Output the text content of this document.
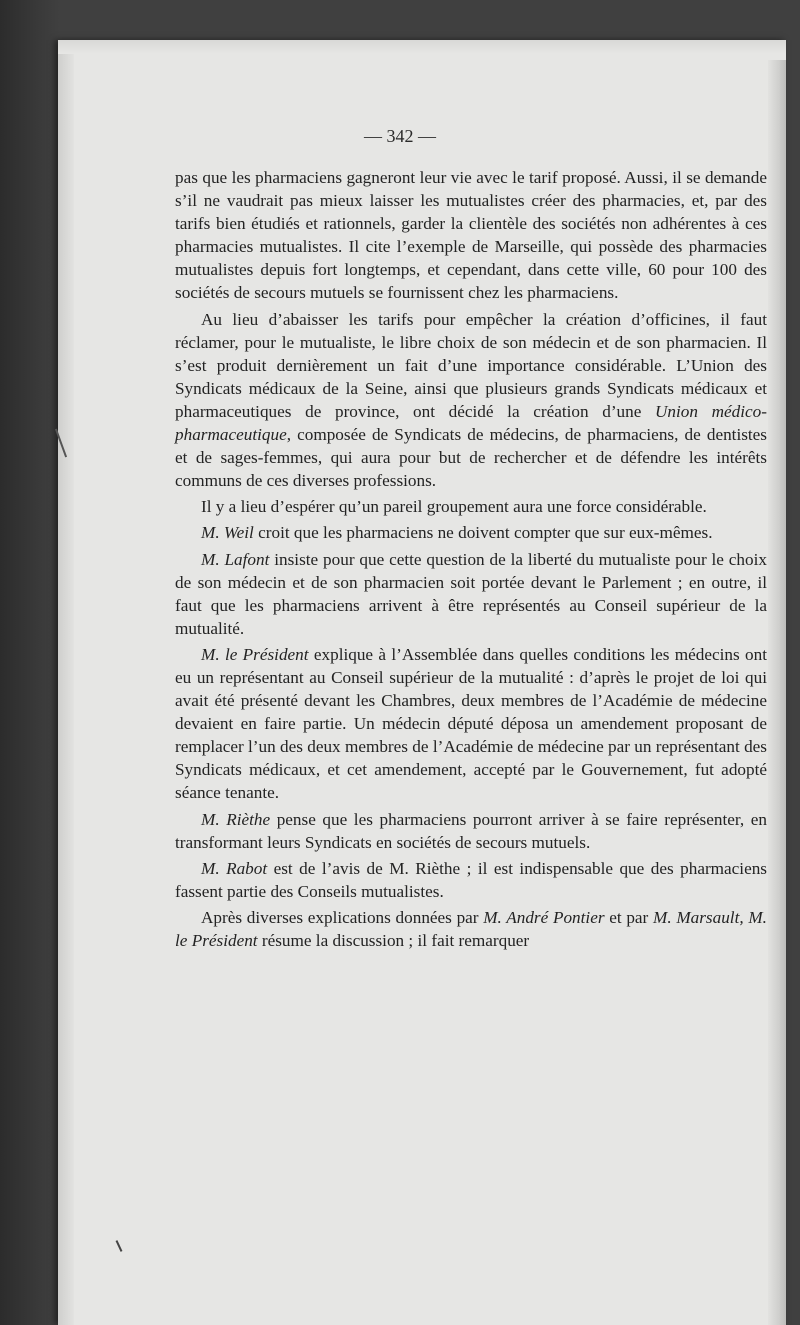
— 342 —

pas que les pharmaciens gagneront leur vie avec le tarif proposé. Aussi, il se demande s’il ne vaudrait pas mieux laisser les mutualistes créer des pharmacies, et, par des tarifs bien étudiés et rationnels, garder la clientèle des sociétés non adhérentes à ces pharmacies mutualistes. Il cite l’exemple de Marseille, qui possède des pharmacies mutualistes depuis fort longtemps, et cependant, dans cette ville, 60 pour 100 des sociétés de secours mutuels se fournissent chez les pharmaciens.

Au lieu d’abaisser les tarifs pour empêcher la création d’officines, il faut réclamer, pour le mutualiste, le libre choix de son médecin et de son pharmacien. Il s’est produit dernièrement un fait d’une importance considérable. L’Union des Syndicats médicaux de la Seine, ainsi que plusieurs grands Syndicats médicaux et pharmaceutiques de province, ont décidé la création d’une Union médico-pharmaceutique, composée de Syndicats de médecins, de pharmaciens, de dentistes et de sages-femmes, qui aura pour but de rechercher et de défendre les intérêts communs de ces diverses professions.

Il y a lieu d’espérer qu’un pareil groupement aura une force considérable.

M. Weil croit que les pharmaciens ne doivent compter que sur eux-mêmes.

M. Lafont insiste pour que cette question de la liberté du mutualiste pour le choix de son médecin et de son pharmacien soit portée devant le Parlement ; en outre, il faut que les pharmaciens arrivent à être représentés au Conseil supérieur de la mutualité.

M. le Président explique à l’Assemblée dans quelles conditions les médecins ont eu un représentant au Conseil supérieur de la mutualité : d’après le projet de loi qui avait été présenté devant les Chambres, deux membres de l’Académie de médecine devaient en faire partie. Un médecin député déposa un amendement proposant de remplacer l’un des deux membres de l’Académie de médecine par un représentant des Syndicats médicaux, et cet amendement, accepté par le Gouvernement, fut adopté séance tenante.

M. Rièthe pense que les pharmaciens pourront arriver à se faire représenter, en transformant leurs Syndicats en sociétés de secours mutuels.

M. Rabot est de l’avis de M. Rièthe ; il est indispensable que des pharmaciens fassent partie des Conseils mutualistes.

Après diverses explications données par M. André Pontier et par M. Marsault, M. le Président résume la discussion ; il fait remarquer
